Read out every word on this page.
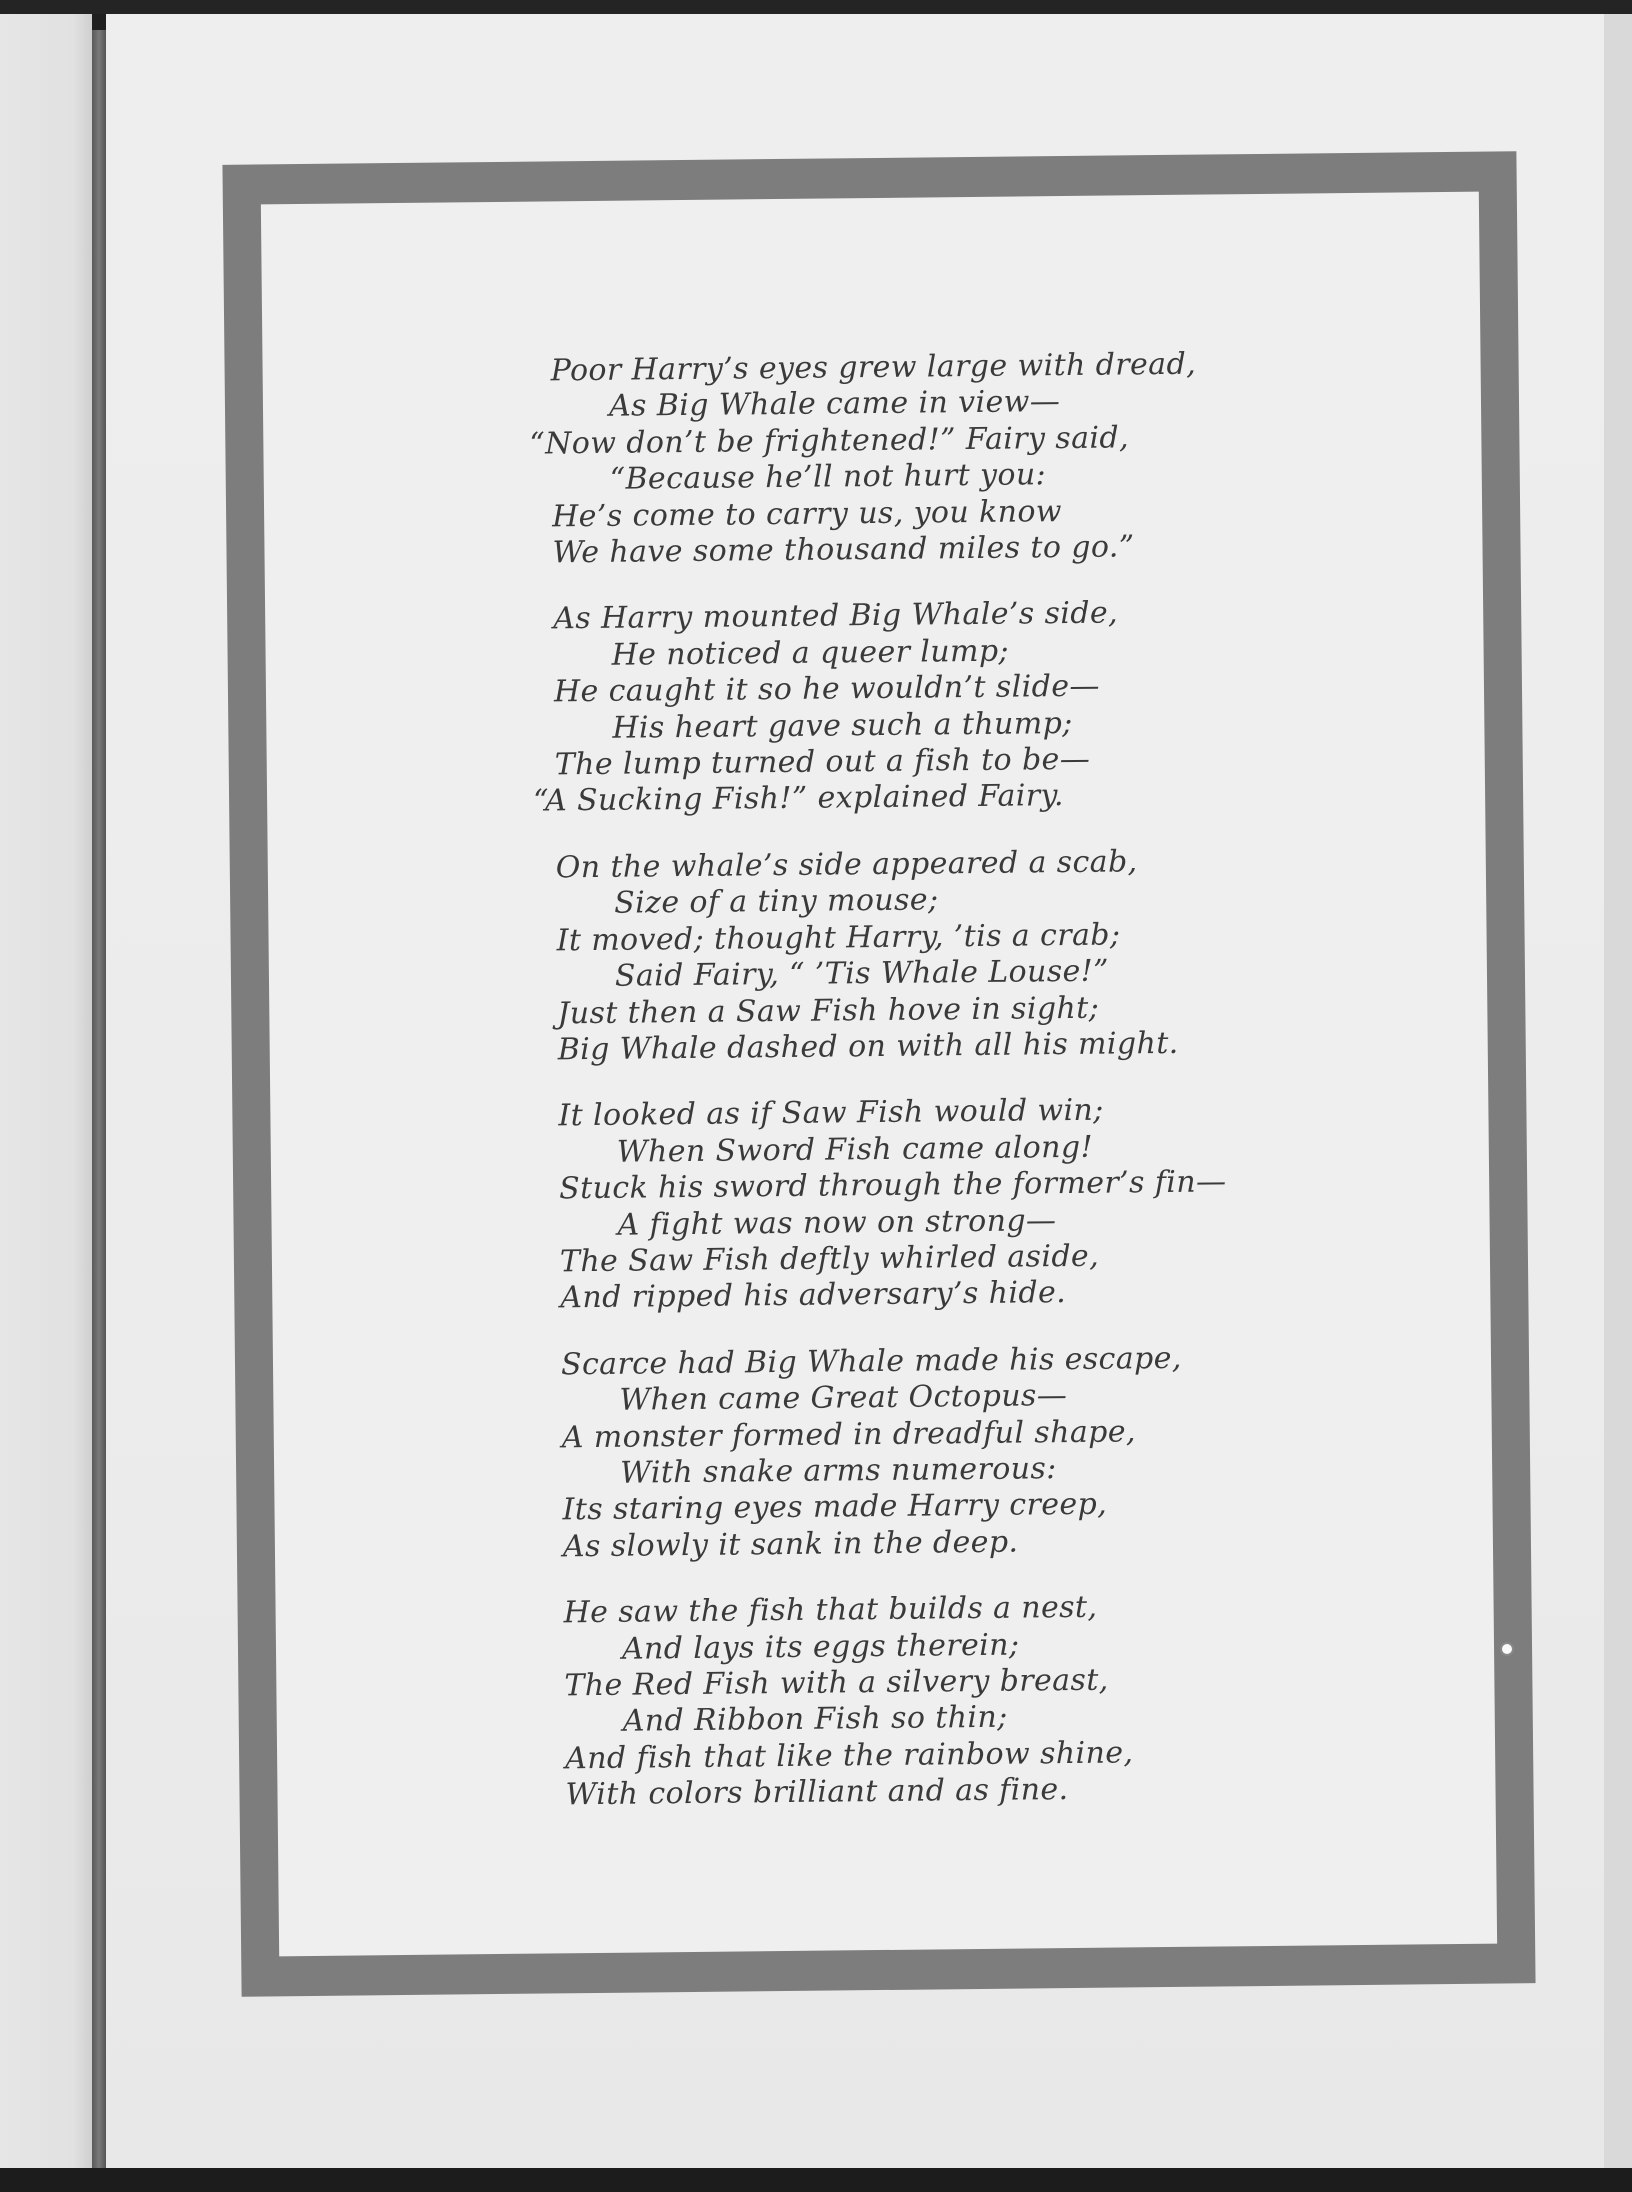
Poor Harry’s eyes grew large with dread,
As Big Whale came in view—
“Now don’t be frightened!” Fairy said,
“Because he’ll not hurt you:
He’s come to carry us, you know
We have some thousand miles to go.”
As Harry mounted Big Whale’s side,
He noticed a queer lump;
He caught it so he wouldn’t slide—
His heart gave such a thump;
The lump turned out a fish to be—
“A Sucking Fish!” explained Fairy.
On the whale’s side appeared a scab,
Size of a tiny mouse;
It moved; thought Harry, ’tis a crab;
Said Fairy, “ ’Tis Whale Louse!”
Just then a Saw Fish hove in sight;
Big Whale dashed on with all his might.
It looked as if Saw Fish would win;
When Sword Fish came along!
Stuck his sword through the former’s fin—
A fight was now on strong—
The Saw Fish deftly whirled aside,
And ripped his adversary’s hide.
Scarce had Big Whale made his escape,
When came Great Octopus—
A monster formed in dreadful shape,
With snake arms numerous:
Its staring eyes made Harry creep,
As slowly it sank in the deep.
He saw the fish that builds a nest,
And lays its eggs therein;
The Red Fish with a silvery breast,
And Ribbon Fish so thin;
And fish that like the rainbow shine,
With colors brilliant and as fine.
